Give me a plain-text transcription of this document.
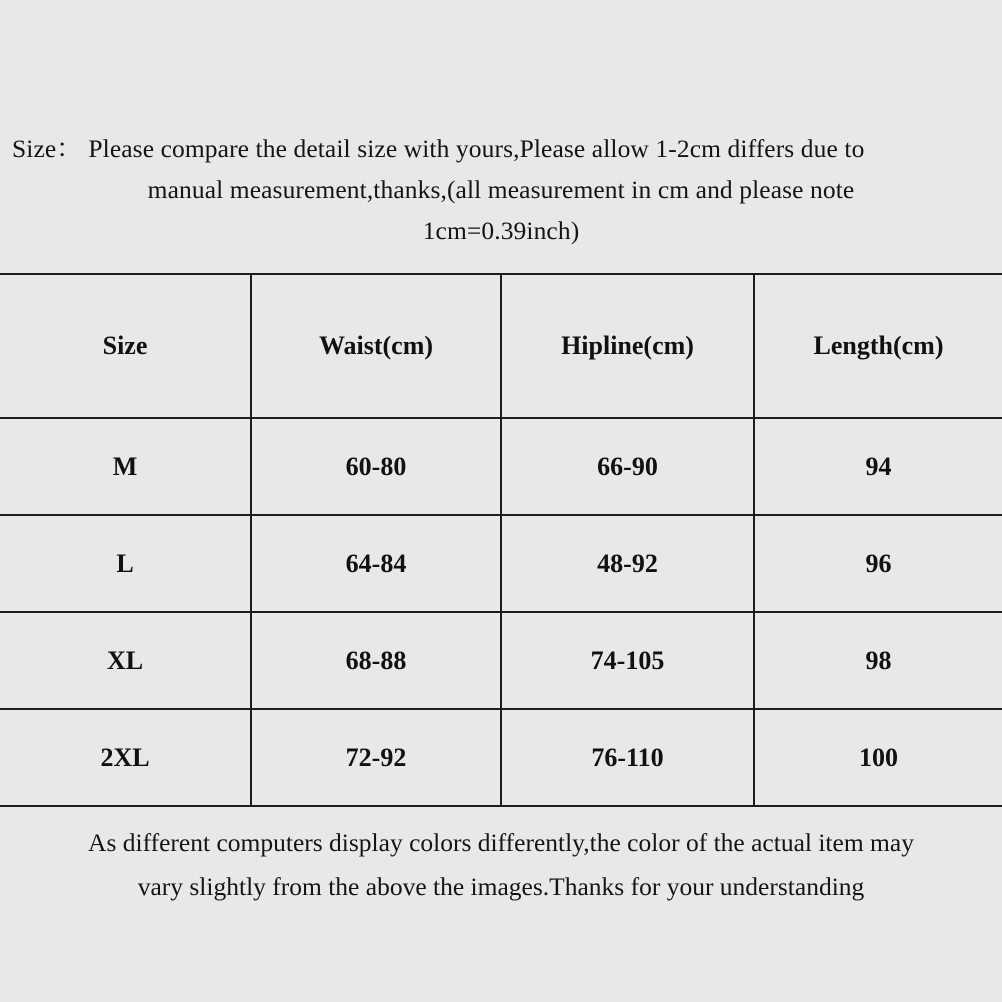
Size： Please compare the detail size with yours,Please allow 1-2cm differs due to
manual measurement,thanks,(all measurement in cm and please note
1cm=0.39inch)
Size	Waist(cm)	Hipline(cm)	Length(cm)
M	60-80	66-90	94
L	64-84	48-92	96
XL	68-88	74-105	98
2XL	72-92	76-110	100
As different computers display colors differently,the color of the actual item may
vary slightly from the above the images.Thanks for your understanding
